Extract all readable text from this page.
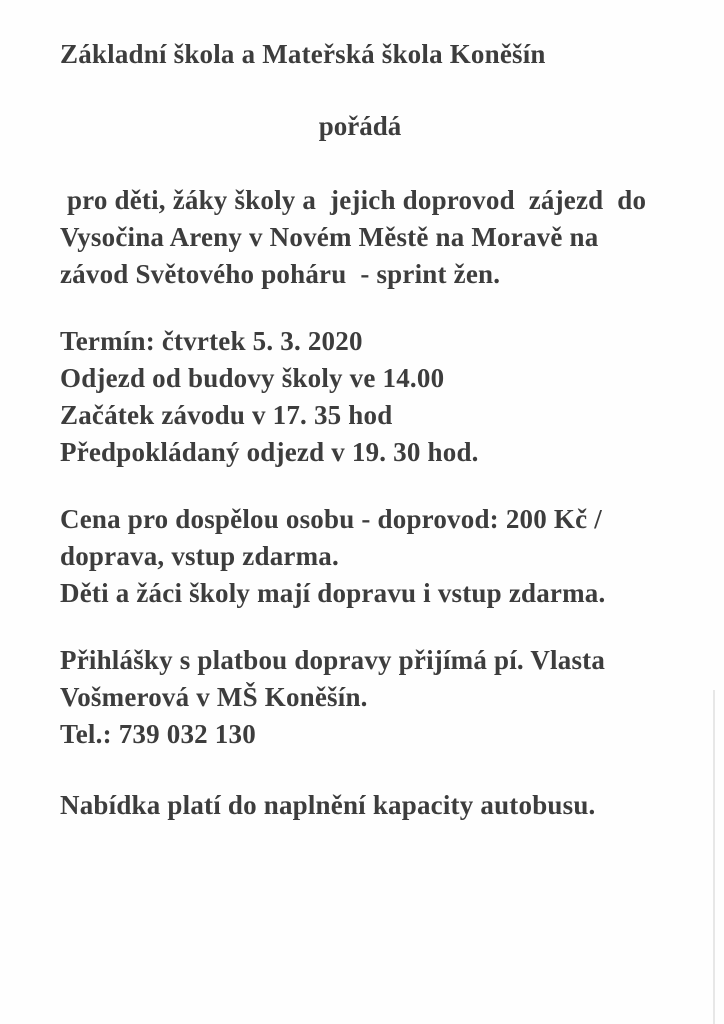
Základní škola a Mateřská škola Koněšín
pořádá
pro děti, žáky školy a  jejich doprovod  zájezd  do
Vysočina Areny v Novém Městě na Moravě na
závod Světového poháru  - sprint žen.
Termín: čtvrtek 5. 3. 2020
Odjezd od budovy školy ve 14.00
Začátek závodu v 17. 35 hod
Předpokládaný odjezd v 19. 30 hod.
Cena pro dospělou osobu - doprovod: 200 Kč /
doprava, vstup zdarma.
Děti a žáci školy mají dopravu i vstup zdarma.
Přihlášky s platbou dopravy přijímá pí. Vlasta
Vošmerová v MŠ Koněšín.
Tel.: 739 032 130
Nabídka platí do naplnění kapacity autobusu.
